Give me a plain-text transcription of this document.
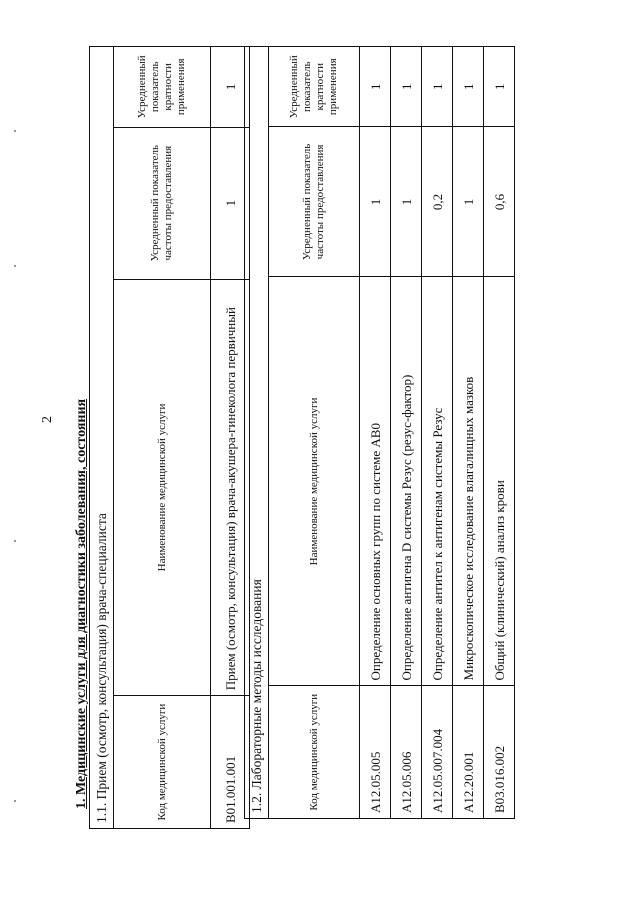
2 1. Медицинские услуги для диагностики заболевания, состояния 1.1. Прием (осмотр, консультация) врача-специалиста			
Код медицинской услуги	Наименование медицинской услуги	Усредненный показатель частоты предоставления	Усредненный показатель кратности применения
B01.001.001	Прием (осмотр, консультация) врача-акушера-гинеколога первичный	1	1
1.2. Лабораторные методы исследования			
Код медицинской услуги	Наименование медицинской услуги	Усредненный показатель частоты предоставления	Усредненный показатель кратности применения
A12.05.005	Определение основных групп по системе AB0	1	1
A12.05.006	Определение антигена D системы Резус (резус-фактор)	1	1
A12.05.007.004	Определение антител к антигенам системы Резус	0,2	1
A12.20.001	Микроскопическое исследование влагалищных мазков	1	1
B03.016.002	Общий (клинический) анализ крови	0,6	1
